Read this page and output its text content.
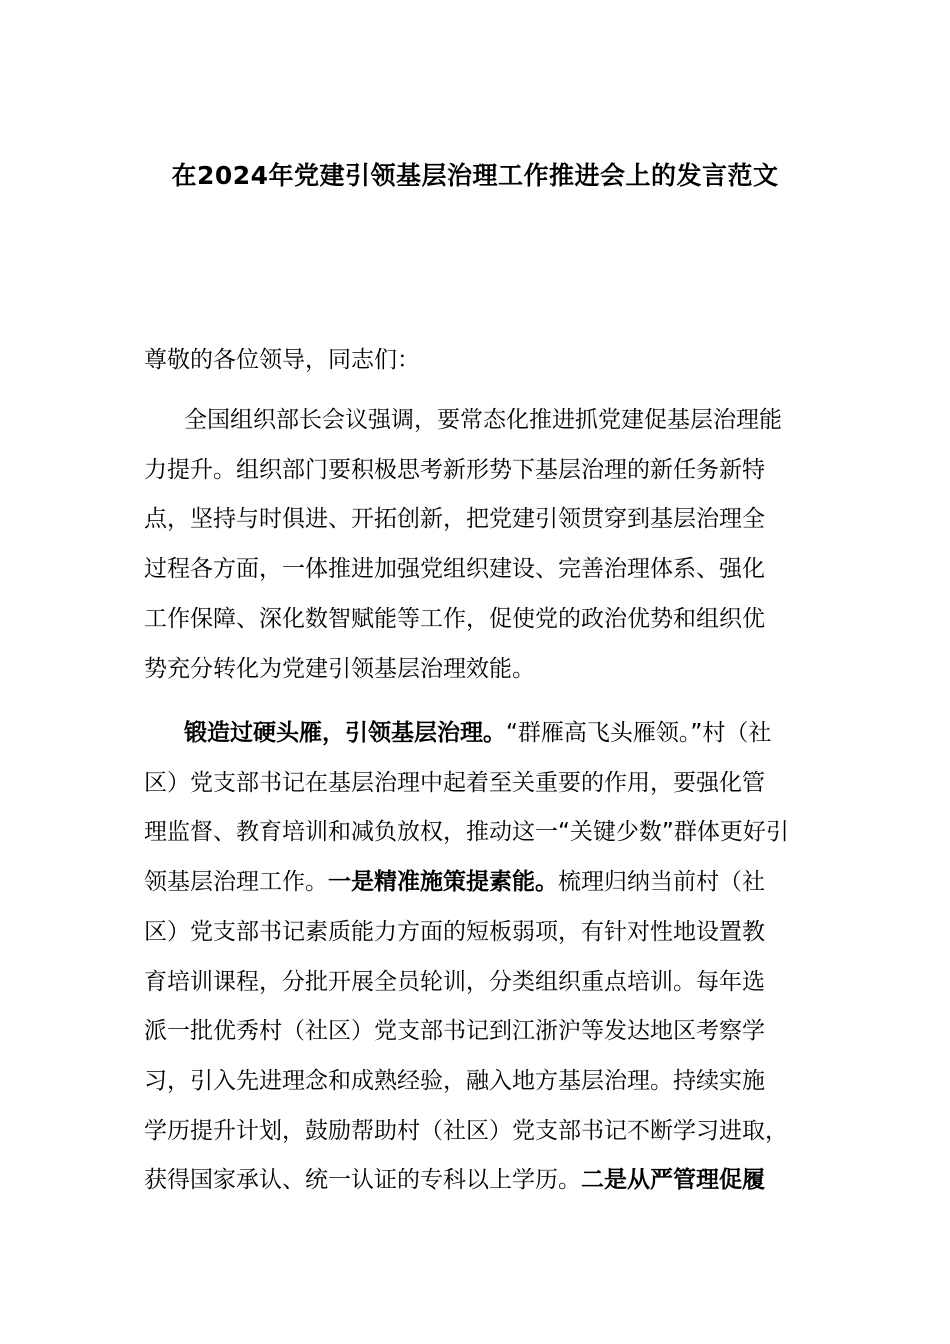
在2024年党建引领基层治理工作推进会上的发言范文
尊敬的各位领导，同志们：
全国组织部长会议强调，要常态化推进抓党建促基层治理能
力提升。组织部门要积极思考新形势下基层治理的新任务新特
点，坚持与时俱进、开拓创新，把党建引领贯穿到基层治理全
过程各方面，一体推进加强党组织建设、完善治理体系、强化
工作保障、深化数智赋能等工作，促使党的政治优势和组织优
势充分转化为党建引领基层治理效能。
锻造过硬头雁，引领基层治理。“群雁高飞头雁领。”村（社
区）党支部书记在基层治理中起着至关重要的作用，要强化管
理监督、教育培训和减负放权，推动这一“关键少数”群体更好引
领基层治理工作。一是精准施策提素能。梳理归纳当前村（社
区）党支部书记素质能力方面的短板弱项，有针对性地设置教
育培训课程，分批开展全员轮训，分类组织重点培训。每年选
派一批优秀村（社区）党支部书记到江浙沪等发达地区考察学
习，引入先进理念和成熟经验，融入地方基层治理。持续实施
学历提升计划，鼓励帮助村（社区）党支部书记不断学习进取，
获得国家承认、统一认证的专科以上学历。二是从严管理促履
